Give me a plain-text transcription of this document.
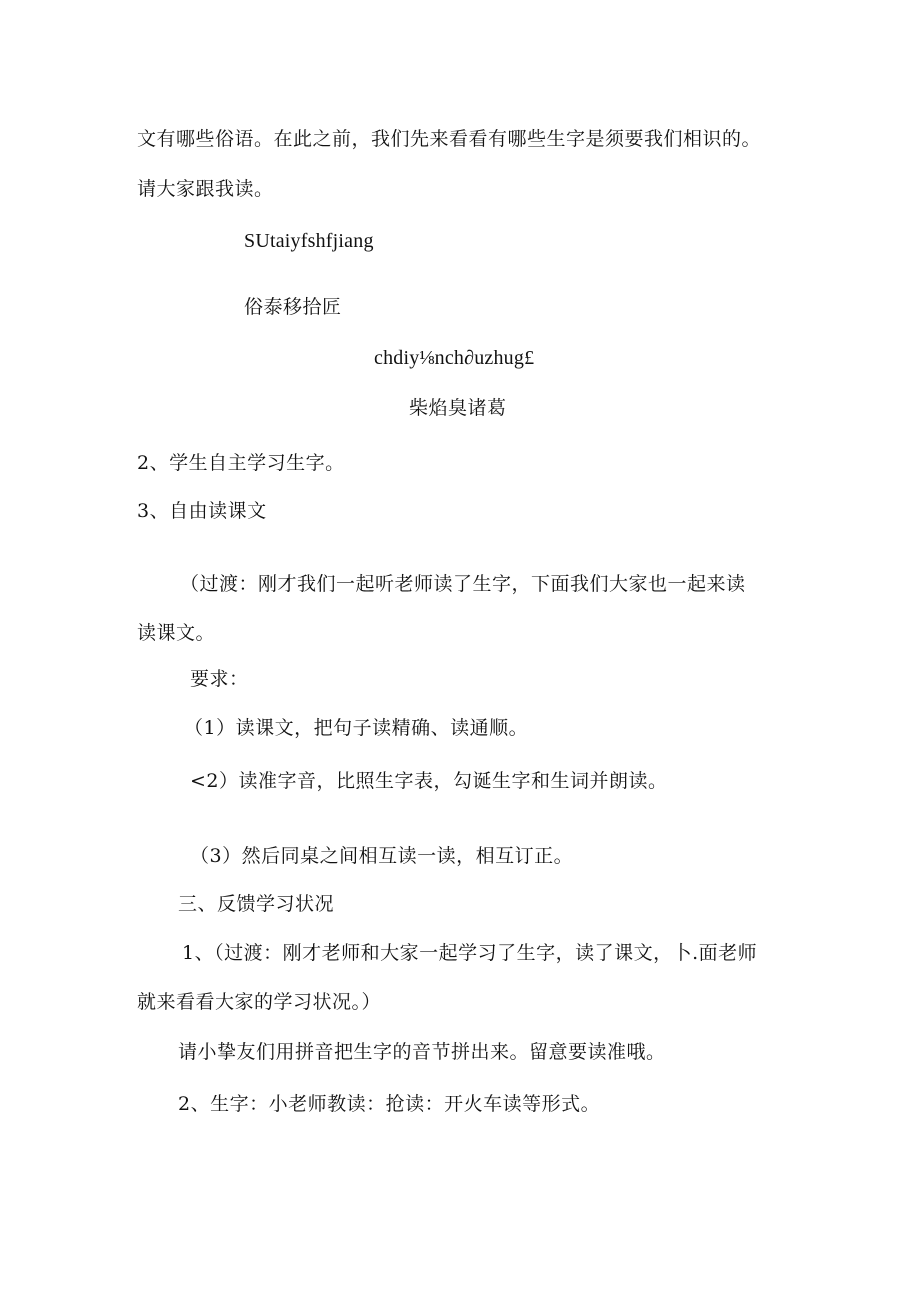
文有哪些俗语。在此之前，我们先来看看有哪些生字是须要我们相识的。
请大家跟我读。
SUtaiyfshfjiang
俗泰移拾匠
chdiy⅛nch∂uzhug£
柴焰臭诸葛
2、学生自主学习生字。
3、自由读课文
（过渡：刚才我们一起听老师读了生字，下面我们大家也一起来读
读课文。
要求：
（1）读课文，把句子读精确、读通顺。
<2）读准字音，比照生字表，勾诞生字和生词并朗读。
（3）然后同桌之间相互读一读，相互订正。
三、反馈学习状况
1、（过渡：刚才老师和大家一起学习了生字，读了课文，卜.面老师
就来看看大家的学习状况。）
请小挚友们用拼音把生字的音节拼出来。留意要读准哦。
2、生字：小老师教读：抢读：开火车读等形式。
